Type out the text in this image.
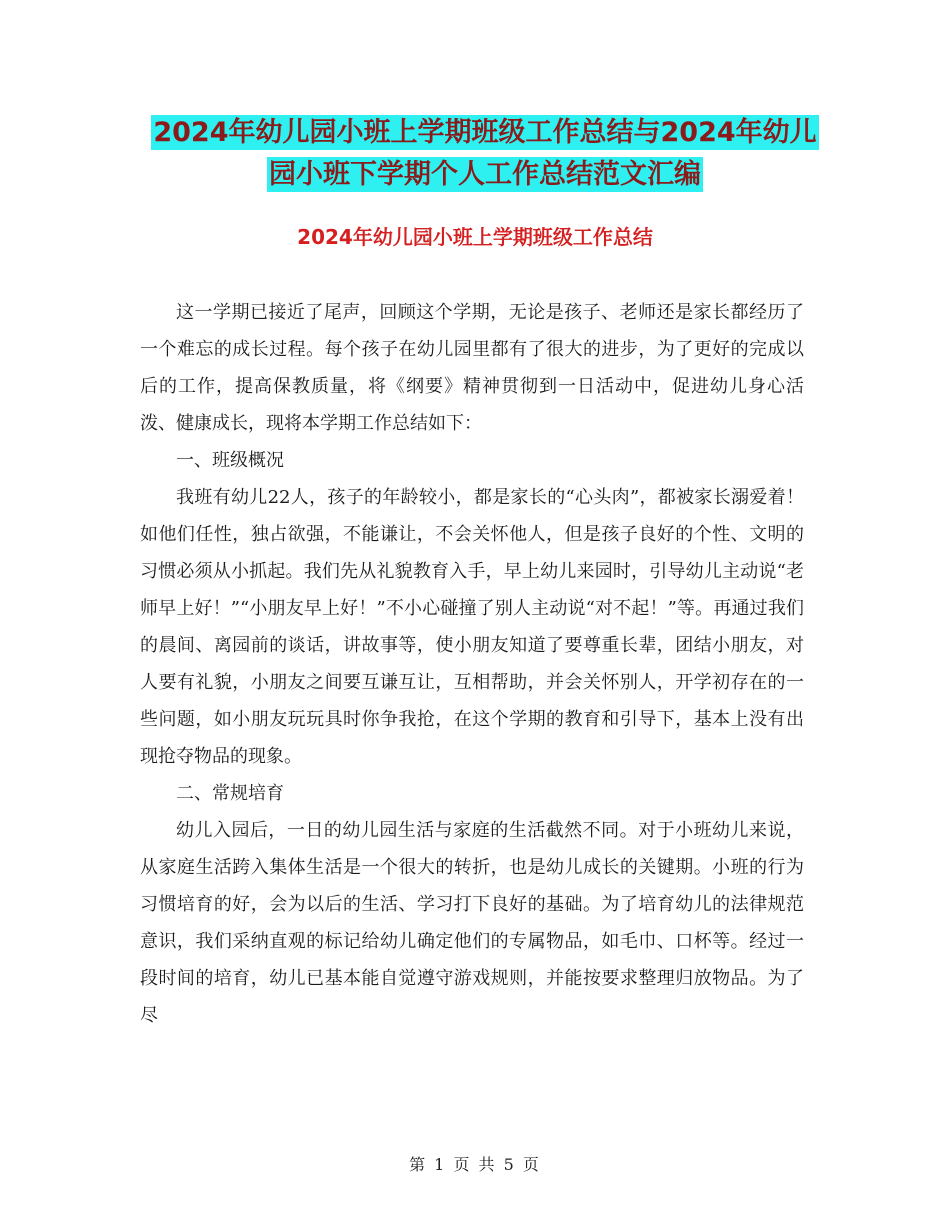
2024年幼儿园小班上学期班级工作总结与2024年幼儿园小班下学期个人工作总结范文汇编
2024年幼儿园小班上学期班级工作总结

这一学期已接近了尾声，回顾这个学期，无论是孩子、老师还是家长都经历了一个难忘的成长过程。每个孩子在幼儿园里都有了很大的进步，为了更好的完成以后的工作，提高保教质量，将《纲要》精神贯彻到一日活动中，促进幼儿身心活泼、健康成长，现将本学期工作总结如下：

一、班级概况

我班有幼儿22人，孩子的年龄较小，都是家长的“心头肉”，都被家长溺爱着！如他们任性，独占欲强，不能谦让，不会关怀他人，但是孩子良好的个性、文明的习惯必须从小抓起。我们先从礼貌教育入手，早上幼儿来园时，引导幼儿主动说“老师早上好！”“小朋友早上好！”不小心碰撞了别人主动说“对不起！”等。再通过我们的晨间、离园前的谈话，讲故事等，使小朋友知道了要尊重长辈，团结小朋友，对人要有礼貌，小朋友之间要互谦互让，互相帮助，并会关怀别人，开学初存在的一些问题，如小朋友玩玩具时你争我抢，在这个学期的教育和引导下，基本上没有出现抢夺物品的现象。

二、常规培育

幼儿入园后，一日的幼儿园生活与家庭的生活截然不同。对于小班幼儿来说，从家庭生活跨入集体生活是一个很大的转折，也是幼儿成长的关键期。小班的行为习惯培育的好，会为以后的生活、学习打下良好的基础。为了培育幼儿的法律规范意识，我们采纳直观的标记给幼儿确定他们的专属物品，如毛巾、口杯等。经过一段时间的培育，幼儿已基本能自觉遵守游戏规则，并能按要求整理归放物品。为了尽

第 1 页 共 5 页
